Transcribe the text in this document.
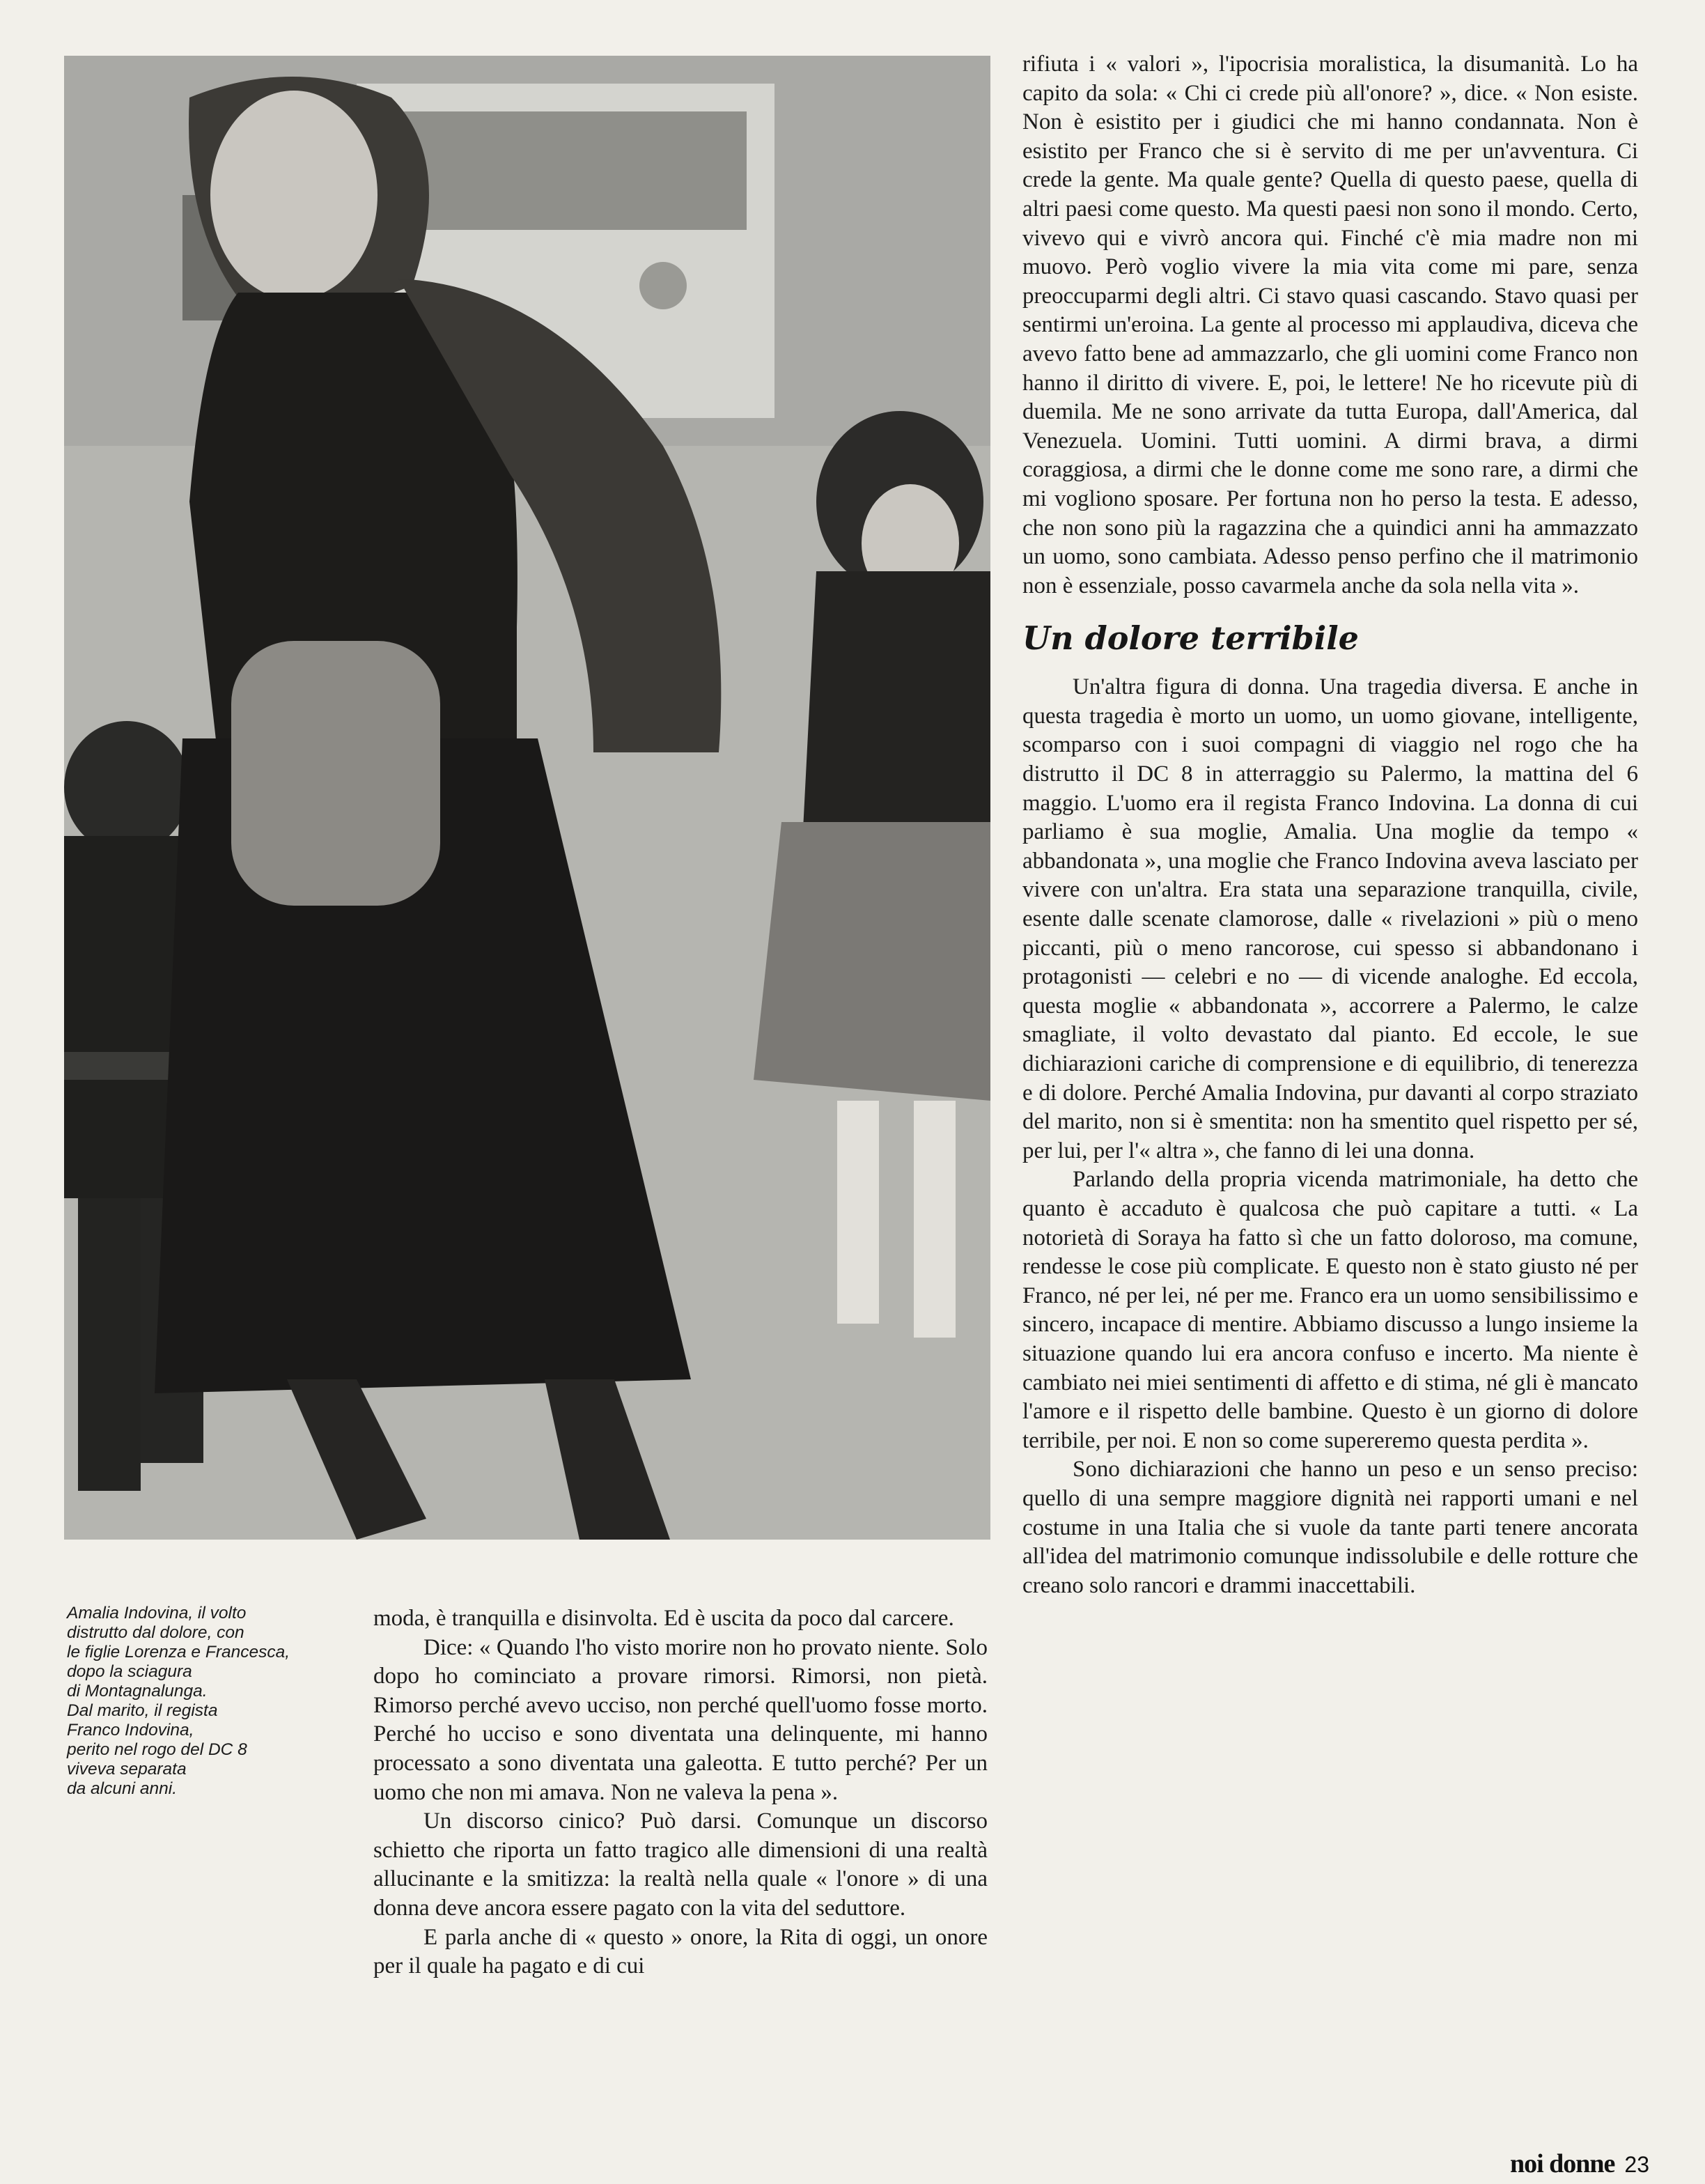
Amalia Indovina, il volto
distrutto dal dolore, con
le figlie Lorenza e Francesca,
dopo la sciagura
di Montagnalunga.
Dal marito, il regista
Franco Indovina,
perito nel rogo del DC 8
viveva separata
da alcuni anni.

moda, è tranquilla e disinvolta. Ed è uscita da poco dal carcere.

Dice: « Quando l'ho visto morire non ho provato niente. Solo dopo ho cominciato a provare rimorsi. Rimorsi, non pietà. Rimorso perché avevo ucciso, non perché quell'uomo fosse morto. Perché ho ucciso e sono diventata una delinquente, mi hanno processato a sono diventata una galeotta. E tutto perché? Per un uomo che non mi amava. Non ne valeva la pena ».

Un discorso cinico? Può darsi. Comunque un discorso schietto che riporta un fatto tragico alle dimensioni di una realtà allucinante e la smitizza: la realtà nella quale « l'onore » di una donna deve ancora essere pagato con la vita del seduttore.

E parla anche di « questo » onore, la Rita di oggi, un onore per il quale ha pagato e di cui

rifiuta i « valori », l'ipocrisia moralistica, la disumanità. Lo ha capito da sola: « Chi ci crede più all'onore? », dice. « Non esiste. Non è esistito per i giudici che mi hanno condannata. Non è esistito per Franco che si è servito di me per un'avventura. Ci crede la gente. Ma quale gente? Quella di questo paese, quella di altri paesi come questo. Ma questi paesi non sono il mondo. Certo, vivevo qui e vivrò ancora qui. Finché c'è mia madre non mi muovo. Però voglio vivere la mia vita come mi pare, senza preoccuparmi degli altri. Ci stavo quasi cascando. Stavo quasi per sentirmi un'eroina. La gente al processo mi applaudiva, diceva che avevo fatto bene ad ammazzarlo, che gli uomini come Franco non hanno il diritto di vivere. E, poi, le lettere! Ne ho ricevute più di duemila. Me ne sono arrivate da tutta Europa, dall'America, dal Venezuela. Uomini. Tutti uomini. A dirmi brava, a dirmi coraggiosa, a dirmi che le donne come me sono rare, a dirmi che mi vogliono sposare. Per fortuna non ho perso la testa. E adesso, che non sono più la ragazzina che a quindici anni ha ammazzato un uomo, sono cambiata. Adesso penso perfino che il matrimonio non è essenziale, posso cavarmela anche da sola nella vita ».

Un dolore terribile

Un'altra figura di donna. Una tragedia diversa. E anche in questa tragedia è morto un uomo, un uomo giovane, intelligente, scomparso con i suoi compagni di viaggio nel rogo che ha distrutto il DC 8 in atterraggio su Palermo, la mattina del 6 maggio. L'uomo era il regista Franco Indovina. La donna di cui parliamo è sua moglie, Amalia. Una moglie da tempo « abbandonata », una moglie che Franco Indovina aveva lasciato per vivere con un'altra. Era stata una separazione tranquilla, civile, esente dalle scenate clamorose, dalle « rivelazioni » più o meno piccanti, più o meno rancorose, cui spesso si abbandonano i protagonisti — celebri e no — di vicende analoghe. Ed eccola, questa moglie « abbandonata », accorrere a Palermo, le calze smagliate, il volto devastato dal pianto. Ed eccole, le sue dichiarazioni cariche di comprensione e di equilibrio, di tenerezza e di dolore. Perché Amalia Indovina, pur davanti al corpo straziato del marito, non si è smentita: non ha smentito quel rispetto per sé, per lui, per l'« altra », che fanno di lei una donna.

Parlando della propria vicenda matrimoniale, ha detto che quanto è accaduto è qualcosa che può capitare a tutti. « La notorietà di Soraya ha fatto sì che un fatto doloroso, ma comune, rendesse le cose più complicate. E questo non è stato giusto né per Franco, né per lei, né per me. Franco era un uomo sensibilissimo e sincero, incapace di mentire. Abbiamo discusso a lungo insieme la situazione quando lui era ancora confuso e incerto. Ma niente è cambiato nei miei sentimenti di affetto e di stima, né gli è mancato l'amore e il rispetto delle bambine. Questo è un giorno di dolore terribile, per noi. E non so come supereremo questa perdita ».

Sono dichiarazioni che hanno un peso e un senso preciso: quello di una sempre maggiore dignità nei rapporti umani e nel costume in una Italia che si vuole da tante parti tenere ancorata all'idea del matrimonio comunque indissolubile e delle rotture che creano solo rancori e drammi inaccettabili.

noi donne 23
